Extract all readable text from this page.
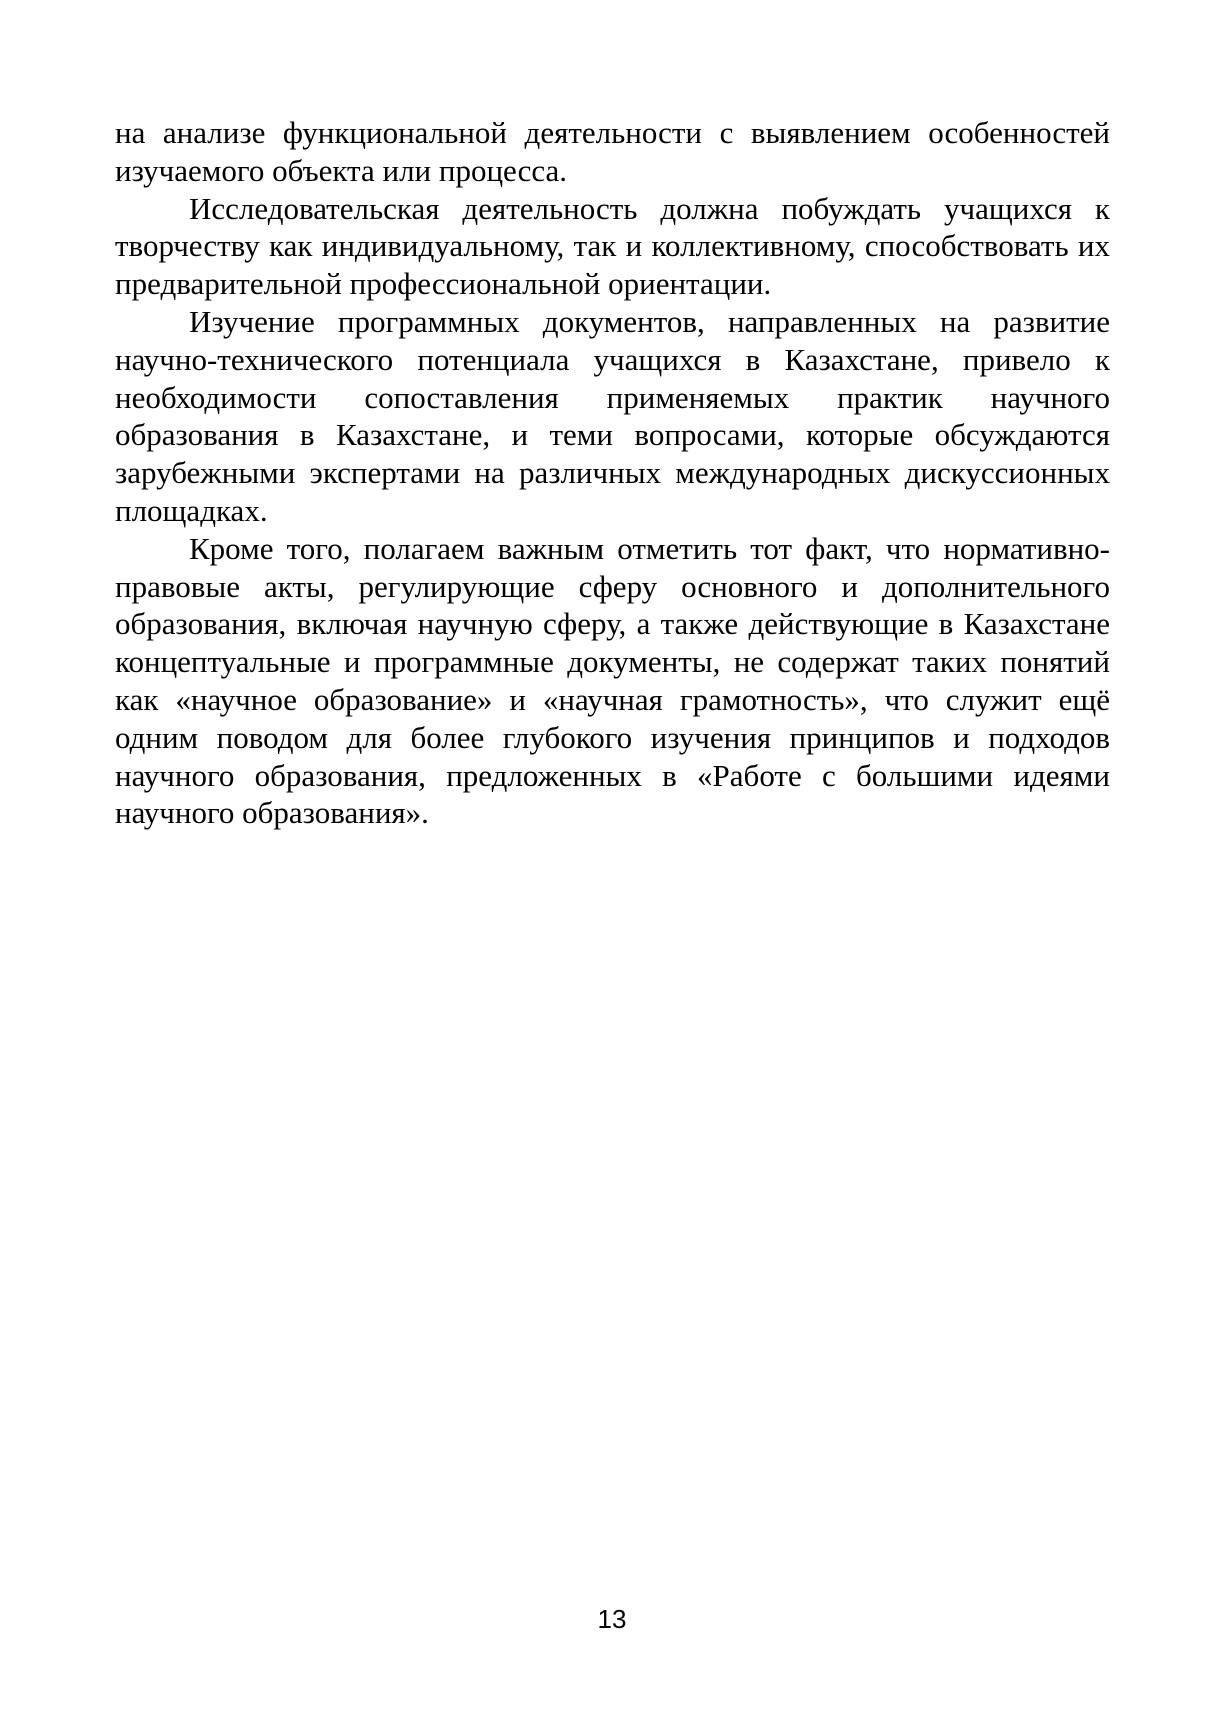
на анализе функциональной деятельности с выявлением особенностей изучаемого объекта или процесса.

Исследовательская деятельность должна побуждать учащихся к творчеству как индивидуальному, так и коллективному, способствовать их предварительной профессиональной ориентации.

Изучение программных документов, направленных на развитие научно-технического потенциала учащихся в Казахстане, привело к необходимости сопоставления применяемых практик научного образования в Казахстане, и теми вопросами, которые обсуждаются зарубежными экспертами на различных международных дискуссионных площадках.

Кроме того, полагаем важным отметить тот факт, что нормативно-правовые акты, регулирующие сферу основного и дополнительного образования, включая научную сферу, а также действующие в Казахстане концептуальные и программные документы, не содержат таких понятий как «научное образование» и «научная грамотность», что служит ещё одним поводом для более глубокого изучения принципов и подходов научного образования, предложенных в «Работе с большими идеями научного образования».

13
